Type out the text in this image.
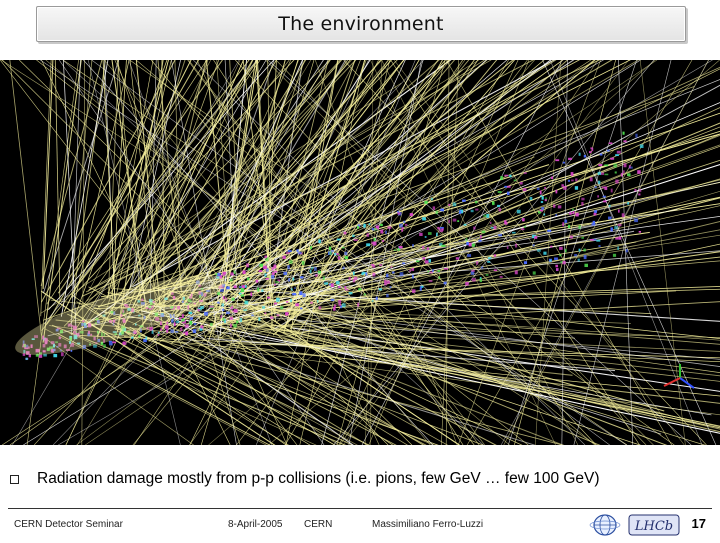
The environment
Radiation damage mostly from p-p collisions (i.e. pions, few GeV … few 100 GeV)
CERN Detector Seminar	8-April-2005 CERN	Massimiliano Ferro-Luzzi	LHCb 17
